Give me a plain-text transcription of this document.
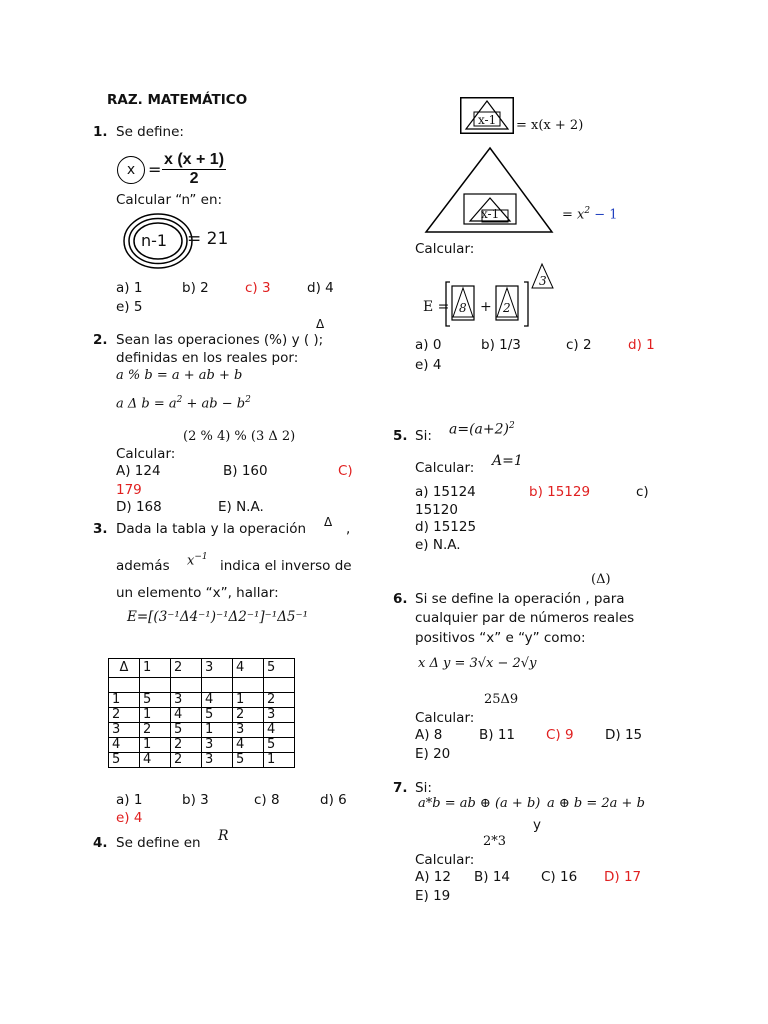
RAZ. MATEMÁTICO
1. Se define:
$x = \frac{x (x + 1)}{2}$
Calcular “n” en:
n-1 = 21
a) 1	b) 2	c) 3	d) 4
e) 5
2. Sean las operaciones (%) y ( );
Δ
definidas en los reales por:
a % b = a + ab + b
a Δ $b = a^2$ + ab − $b^2$
(2 % 4) % (3 Δ 2)
Calcular:
A) 124	B) 160	C)
179
D) 168	E) N.A.
3. Dada la tabla y la operación Δ ,
además $x^{-1}$
indica el inverso de
un elemento “x”, hallar:
E=[(3⁻¹Δ4⁻¹)⁻¹Δ2⁻¹]⁻¹Δ5⁻¹
Δ	1	2	3	4	5

1	5	3	4	1	2
2	1	4	5	2	3
3	2	5	1	3	4
4	1	2	3	4	5
5	4	2	3	5	1
a) 1	b) 3	c) 8	d) 6
e) 4
4. Se define en R
x-1 = x(x + 2)
x-1	= $x^2 - 1$
Calcular:
E = 8 + 2
3
a) 0	b) 1/3	c) 2	d) 1
e) 4
5. Si: $a=(a+2)^2$
Calcular: A=1
a) 15124	b) 15129	c)
15120
d) 15125
e) N.A.
(Δ)
6. Si se define la operación , para
cualquier par de números reales
positivos “x” e “y” como:
x Δ y = 3√x − 2√y
25Δ9
Calcular:
A) 8	B) 11 C) 9 D) 15
E) 20
7. Si:
a*b = ab ⊕ (a + b) a ⊕ b = 2a + b
y
2*3
Calcular:
A) 12 B) 14 C) 16 D) 17
E) 19
